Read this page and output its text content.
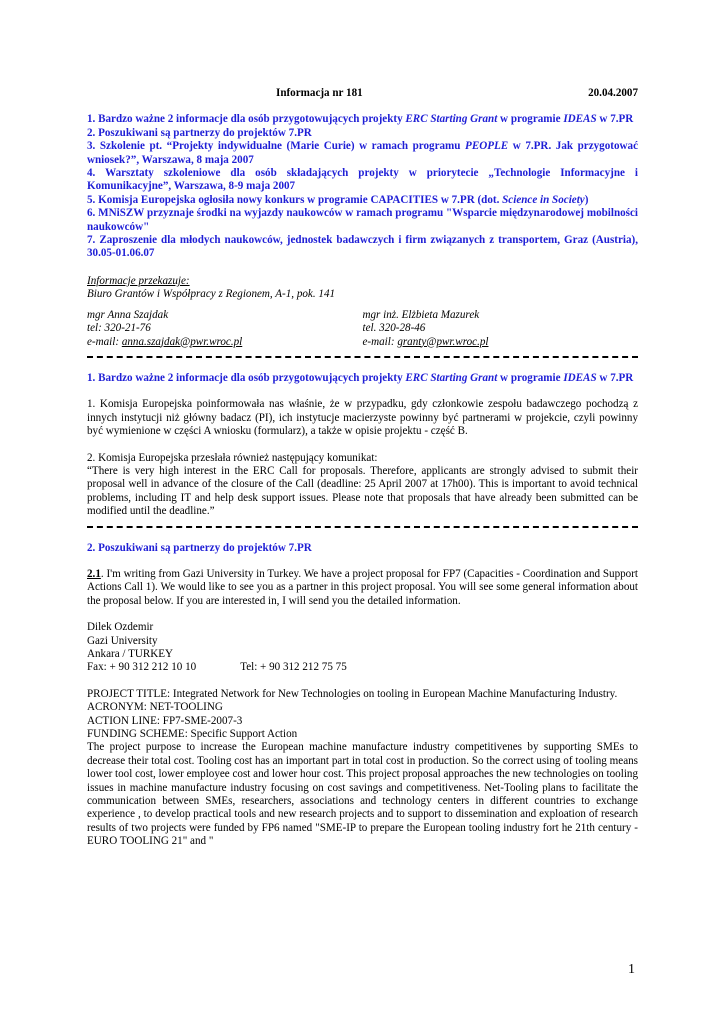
Informacja nr 181	20.04.2007
1. Bardzo ważne 2 informacje dla osób przygotowujących projekty ERC Starting Grant w programie IDEAS w 7.PR
2. Poszukiwani są partnerzy do projektów 7.PR
3. Szkolenie pt. “Projekty indywidualne (Marie Curie) w ramach programu PEOPLE w 7.PR. Jak przygotować wniosek?”, Warszawa, 8 maja 2007
4. Warsztaty szkoleniowe dla osób składających projekty w priorytecie „Technologie Informacyjne i Komunikacyjne”, Warszawa, 8-9 maja 2007
5. Komisja Europejska ogłosiła nowy konkurs w programie CAPACITIES w 7.PR (dot. Science in Society)
6. MNiSZW przyznaje środki na wyjazdy naukowców w ramach programu "Wsparcie międzynarodowej mobilności naukowców"
7. Zaproszenie dla młodych naukowców, jednostek badawczych i firm związanych z transportem, Graz (Austria), 30.05-01.06.07
Informacje przekazuje:
Biuro Grantów i Współpracy z Regionem, A-1, pok. 141
mgr Anna Szajdak
tel: 320-21-76
e-mail: anna.szajdak@pwr.wroc.pl
mgr inż. Elżbieta Mazurek
tel. 320-28-46
e-mail: granty@pwr.wroc.pl
1. Bardzo ważne 2 informacje dla osób przygotowujących projekty ERC Starting Grant w programie IDEAS w 7.PR

1. Komisja Europejska poinformowała nas właśnie, że w przypadku, gdy członkowie zespołu badawczego pochodzą z innych instytucji niż główny badacz (PI), ich instytucje macierzyste powinny być partnerami w projekcie, czyli powinny być wymienione w części A wniosku (formularz), a także w opisie projektu - część B.

2. Komisja Europejska przesłała również następujący komunikat:

“There is very high interest in the ERC Call for proposals. Therefore, applicants are strongly advised to submit their proposal well in advance of the closure of the Call (deadline: 25 April 2007 at 17h00). This is important to avoid technical problems, including IT and help desk support issues. Please note that proposals that have already been submitted can be modified until the deadline.”

2. Poszukiwani są partnerzy do projektów 7.PR

2.1. I'm writing from Gazi University in Turkey. We have a project proposal for FP7 (Capacities - Coordination and Support Actions Call 1). We would like to see you as a partner in this project proposal. You will see some general information about the proposal below. If you are interested in, I will send you the detailed information.

Dilek Ozdemir
Gazi University
Ankara / TURKEY
Fax: + 90 312 212 10 10	Tel: + 90 312 212 75 75

PROJECT TITLE: Integrated Network for New Technologies on tooling in European Machine Manufacturing Industry.

ACRONYM: NET-TOOLING
ACTION LINE: FP7-SME-2007-3
FUNDING SCHEME: Specific Support Action

The project purpose to increase the European machine manufacture industry competitivenes by supporting SMEs to decrease their total cost. Tooling cost has an important part in total cost in production. So the correct using of tooling means lower tool cost, lower employee cost and lower hour cost. This project proposal approaches the new technologies on tooling issues in machine manufacture industry focusing on cost savings and competitiveness. Net-Tooling plans to facilitate the communication between SMEs, researchers, associations and technology centers in different countries to exchange experience , to develop practical tools and new research projects and to support to dissemination and exploation of research results of two projects were funded by FP6 named "SME-IP to prepare the European tooling industry fort he 21th century - EURO TOOLING 21" and "

1
